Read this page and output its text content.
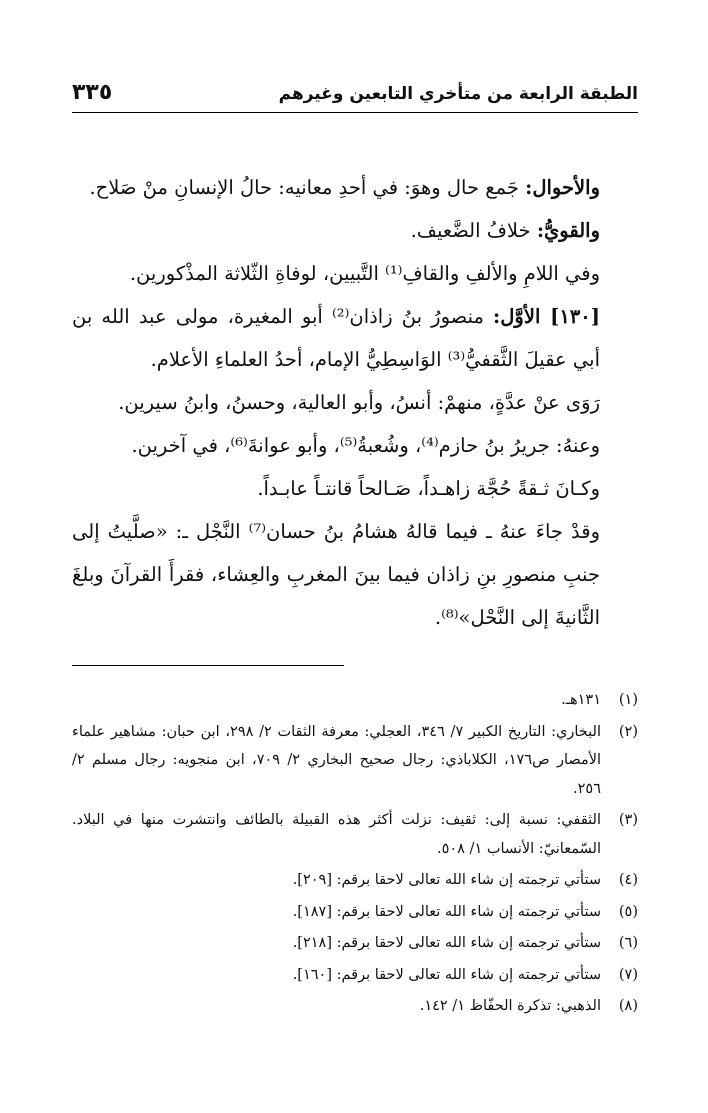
الطبقة الرابعة من متأخري التابعين وغيرهم
٣٣٥

والأحوال: جَمع حال وهوَ: في أحدِ معانيه: حالُ الإنسانِ منْ صَلاح.

والقويُّ: خلافُ الضَّعيف.

وفي اللامِ والألفِ والقافِ⁽¹⁾ التَّبيين، لوفاةِ الثّلاثة المذْكورين.

[١٣٠] الأوَّل: منصورُ بنُ زاذان⁽²⁾ أبو المغيرة، مولى عبد الله بن أبي عقيلَ الثَّقفيُّ⁽³⁾ الوَاسِطِيُّ الإمام، أحدُ العلماءِ الأعلام.

رَوَى عنْ عدَّةٍ، منهمْ: أنسُ، وأبو العالية، وحسنُ، وابنُ سيرين.

وعنهُ: جريرُ بنُ حازم⁽⁴⁾، وشُعبةُ⁽⁵⁾، وأبو عوانةَ⁽⁶⁾، في آخرين.

وكـانَ ثـقةً حُجَّة زاهـداً، صَـالحاً قانتـاً عابـداً.

وقدْ جاءَ عنهُ ـ فيما قالهُ هشامُ بنُ حسان⁽⁷⁾ النَّجْل ـ: «صلَّيتُ إلى جنبِ منصورِ بنِ زاذان فيما بينَ المغربِ والعِشاء، فقرأَ القرآنَ وبلغَ الثَّانيةَ إلى النَّحْل»⁽⁸⁾.

(١)
١٣١هـ.
(٢)
البخاري: التاريخ الكبير ٧/ ٣٤٦، العجلي: معرفة الثقات ٢/ ٢٩٨، ابن حبان: مشاهير علماء الأمصار ص١٧٦، الكلاباذي: رجال صحيح البخاري ٢/ ٧٠٩، ابن منجويه: رجال مسلم ٢/ ٢٥٦.
(٣)
الثقفي: نسبة إلى: ثقيف: نزلت أكثر هذه القبيلة بالطائف وانتشرت منها في البلاد. السّمعانيّ: الأنساب ١/ ٥٠٨.
(٤)
ستأتي ترجمته إن شاء الله تعالى لاحقا برقم: [٢٠٩].
(٥)
ستأتي ترجمته إن شاء الله تعالى لاحقا برقم: [١٨٧].
(٦)
ستأتي ترجمته إن شاء الله تعالى لاحقا برقم: [٢١٨].
(٧)
ستأتي ترجمته إن شاء الله تعالى لاحقا برقم: [١٦٠].
(٨)
الذهبي: تذكرة الحفّاظ ١/ ١٤٢.
